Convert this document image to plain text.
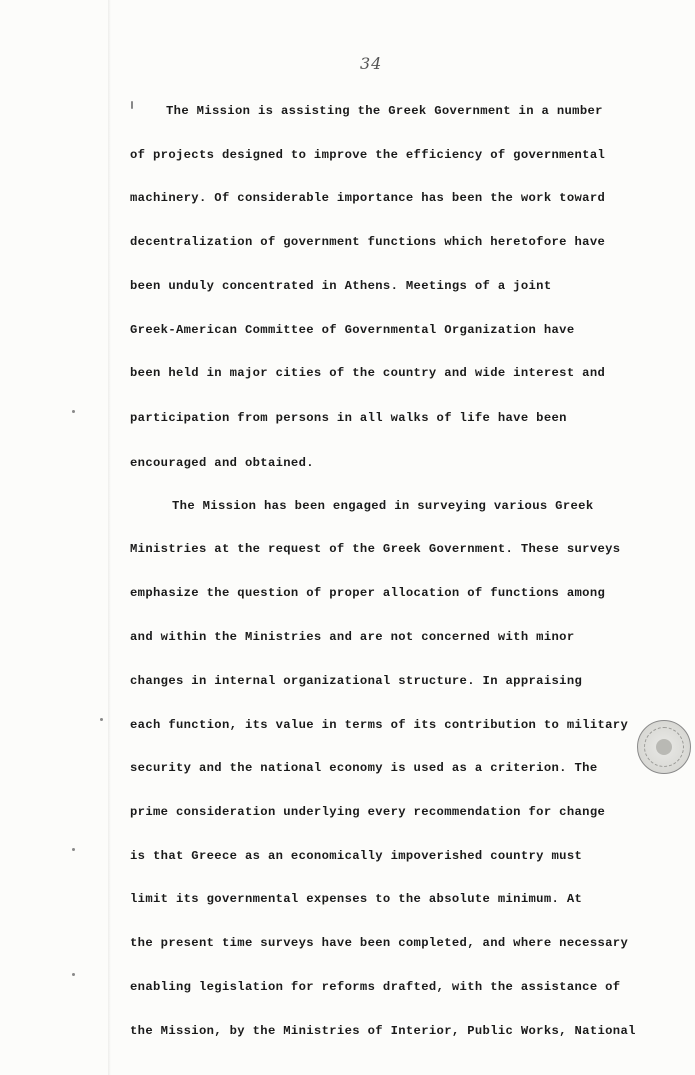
34
The Mission is assisting the Greek Government in a number
of projects designed to improve the efficiency of governmental
machinery. Of considerable importance has been the work toward
decentralization of government functions which heretofore have
been unduly concentrated in Athens. Meetings of a joint
Greek-American Committee of Governmental Organization have
been held in major cities of the country and wide interest and
participation from persons in all walks of life have been
encouraged and obtained.
The Mission has been engaged in surveying various Greek
Ministries at the request of the Greek Government. These surveys
emphasize the question of proper allocation of functions among
and within the Ministries and are not concerned with minor
changes in internal organizational structure. In appraising
each function, its value in terms of its contribution to military
security and the national economy is used as a criterion. The
prime consideration underlying every recommendation for change
is that Greece as an economically impoverished country must
limit its governmental expenses to the absolute minimum. At
the present time surveys have been completed, and where necessary
enabling legislation for reforms drafted, with the assistance of
the Mission, by the Ministries of Interior, Public Works, National
